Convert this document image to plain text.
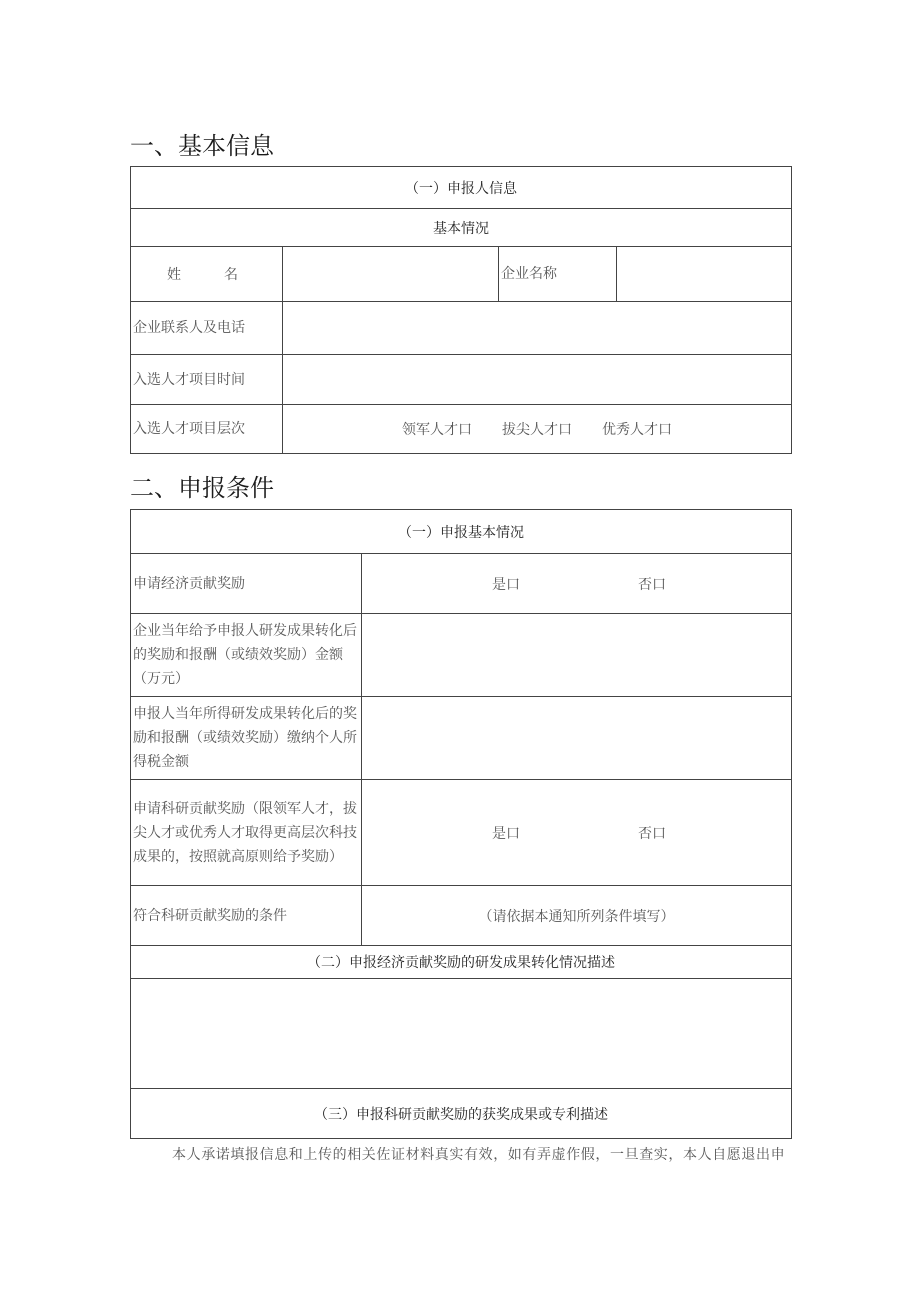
一、基本信息
（一）申报人信息			
基本情况			

姓 名		企业名称	
企业联系人及电话			
入选人才项目时间			
入选人才项目层次	领军人才口 拔尖人才口 优秀人才口		
二、申报条件
（一）申报基本情况	
申请经济贡献奖励	是口 否口

企业当年给予申报人研发成果转化后的奖励和报酬（或绩效奖励）金额（万元）	
申报人当年所得研发成果转化后的奖励和报酬（或绩效奖励）缴纳个人所得税金额	
申请科研贡献奖励（限领军人才，拔尖人才或优秀人才取得更高层次科技成果的，按照就高原则给予奖励）	是口 否口

符合科研贡献奖励的条件	（请依据本通知所列条件填写）
（二）申报经济贡献奖励的研发成果转化情况描述	

（三）申报科研贡献奖励的获奖成果或专利描述	
本人承诺填报信息和上传的相关佐证材料真实有效，如有弄虚作假，一旦查实，本人自愿退出申
